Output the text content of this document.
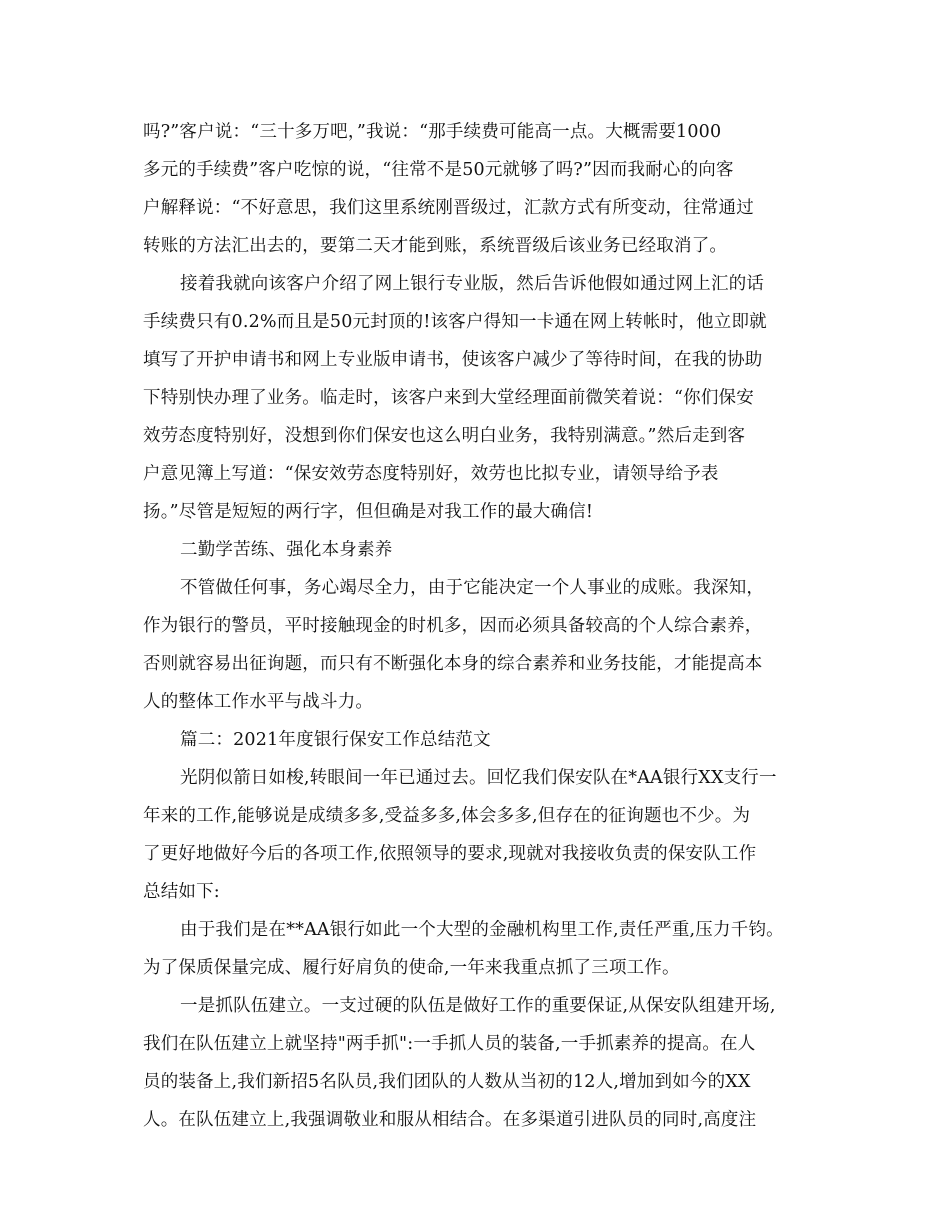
吗?”客户说：“三十多万吧，”我说：“那手续费可能高一点。大概需要1000
多元的手续费”客户吃惊的说，“往常不是50元就够了吗?”因而我耐心的向客
户解释说：“不好意思，我们这里系统刚晋级过，汇款方式有所变动，往常通过
转账的方法汇出去的，要第二天才能到账，系统晋级后该业务已经取消了。
接着我就向该客户介绍了网上银行专业版，然后告诉他假如通过网上汇的话
手续费只有0.2%而且是50元封顶的!该客户得知一卡通在网上转帐时，他立即就
填写了开护申请书和网上专业版申请书，使该客户减少了等待时间，在我的协助
下特别快办理了业务。临走时，该客户来到大堂经理面前微笑着说：“你们保安
效劳态度特别好，没想到你们保安也这么明白业务，我特别满意。”然后走到客
户意见簿上写道：“保安效劳态度特别好，效劳也比拟专业，请领导给予表
扬。”尽管是短短的两行字，但但确是对我工作的最大确信!
二勤学苦练、强化本身素养
不管做任何事，务心竭尽全力，由于它能决定一个人事业的成账。我深知，
作为银行的警员，平时接触现金的时机多，因而必须具备较高的个人综合素养，
否则就容易出征询题，而只有不断强化本身的综合素养和业务技能，才能提高本
人的整体工作水平与战斗力。
篇二：2021年度银行保安工作总结范文
光阴似箭日如梭,转眼间一年已通过去。回忆我们保安队在*AA银行XX支行一
年来的工作,能够说是成绩多多,受益多多,体会多多,但存在的征询题也不少。为
了更好地做好今后的各项工作,依照领导的要求,现就对我接收负责的保安队工作
总结如下:
由于我们是在**AA银行如此一个大型的金融机构里工作,责任严重,压力千钧。
为了保质保量完成、履行好肩负的使命,一年来我重点抓了三项工作。
一是抓队伍建立。一支过硬的队伍是做好工作的重要保证,从保安队组建开场,
我们在队伍建立上就坚持"两手抓":一手抓人员的装备,一手抓素养的提高。在人
员的装备上,我们新招5名队员,我们团队的人数从当初的12人,增加到如今的XX
人。在队伍建立上,我强调敬业和服从相结合。在多渠道引进队员的同时,高度注
